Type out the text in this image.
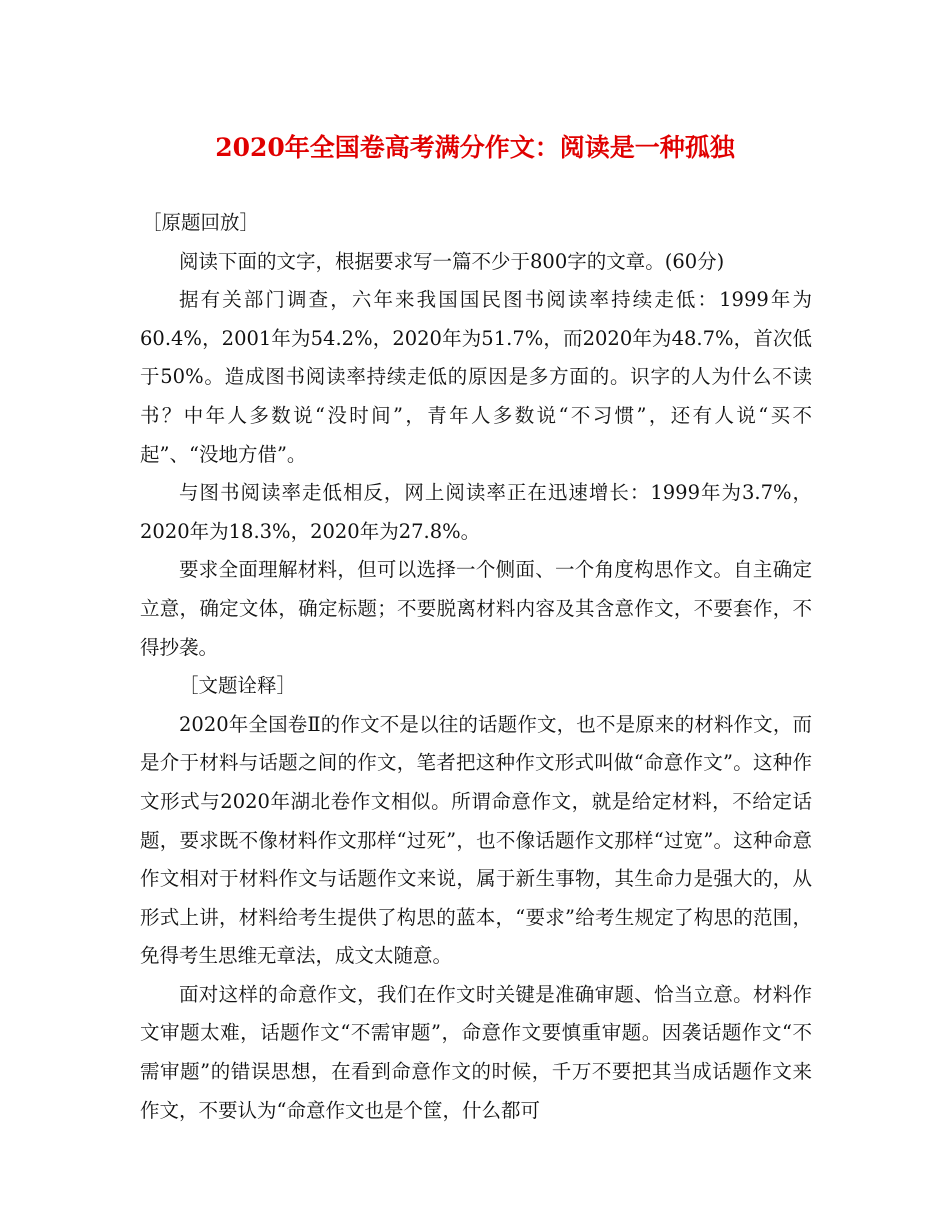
2020年全国卷高考满分作文：阅读是一种孤独

［原题回放］

阅读下面的文字，根据要求写一篇不少于800字的文章。(60分)

据有关部门调查，六年来我国国民图书阅读率持续走低：1999年为60.4%，2001年为54.2%，2020年为51.7%，而2020年为48.7%，首次低于50%。造成图书阅读率持续走低的原因是多方面的。识字的人为什么不读书？中年人多数说“没时间”，青年人多数说“不习惯”，还有人说“买不起”、“没地方借”。

与图书阅读率走低相反，网上阅读率正在迅速增长：1999年为3.7%，2020年为18.3%，2020年为27.8%。

要求全面理解材料，但可以选择一个侧面、一个角度构思作文。自主确定立意，确定文体，确定标题；不要脱离材料内容及其含意作文，不要套作，不得抄袭。

［文题诠释］

2020年全国卷Ⅱ的作文不是以往的话题作文，也不是原来的材料作文，而是介于材料与话题之间的作文，笔者把这种作文形式叫做“命意作文”。这种作文形式与2020年湖北卷作文相似。所谓命意作文，就是给定材料，不给定话题，要求既不像材料作文那样“过死”，也不像话题作文那样“过宽”。这种命意作文相对于材料作文与话题作文来说，属于新生事物，其生命力是强大的，从形式上讲，材料给考生提供了构思的蓝本，“要求”给考生规定了构思的范围，免得考生思维无章法，成文太随意。

面对这样的命意作文，我们在作文时关键是准确审题、恰当立意。材料作文审题太难，话题作文“不需审题”，命意作文要慎重审题。因袭话题作文“不需审题”的错误思想，在看到命意作文的时候，千万不要把其当成话题作文来作文，不要认为“命意作文也是个筐，什么都可
